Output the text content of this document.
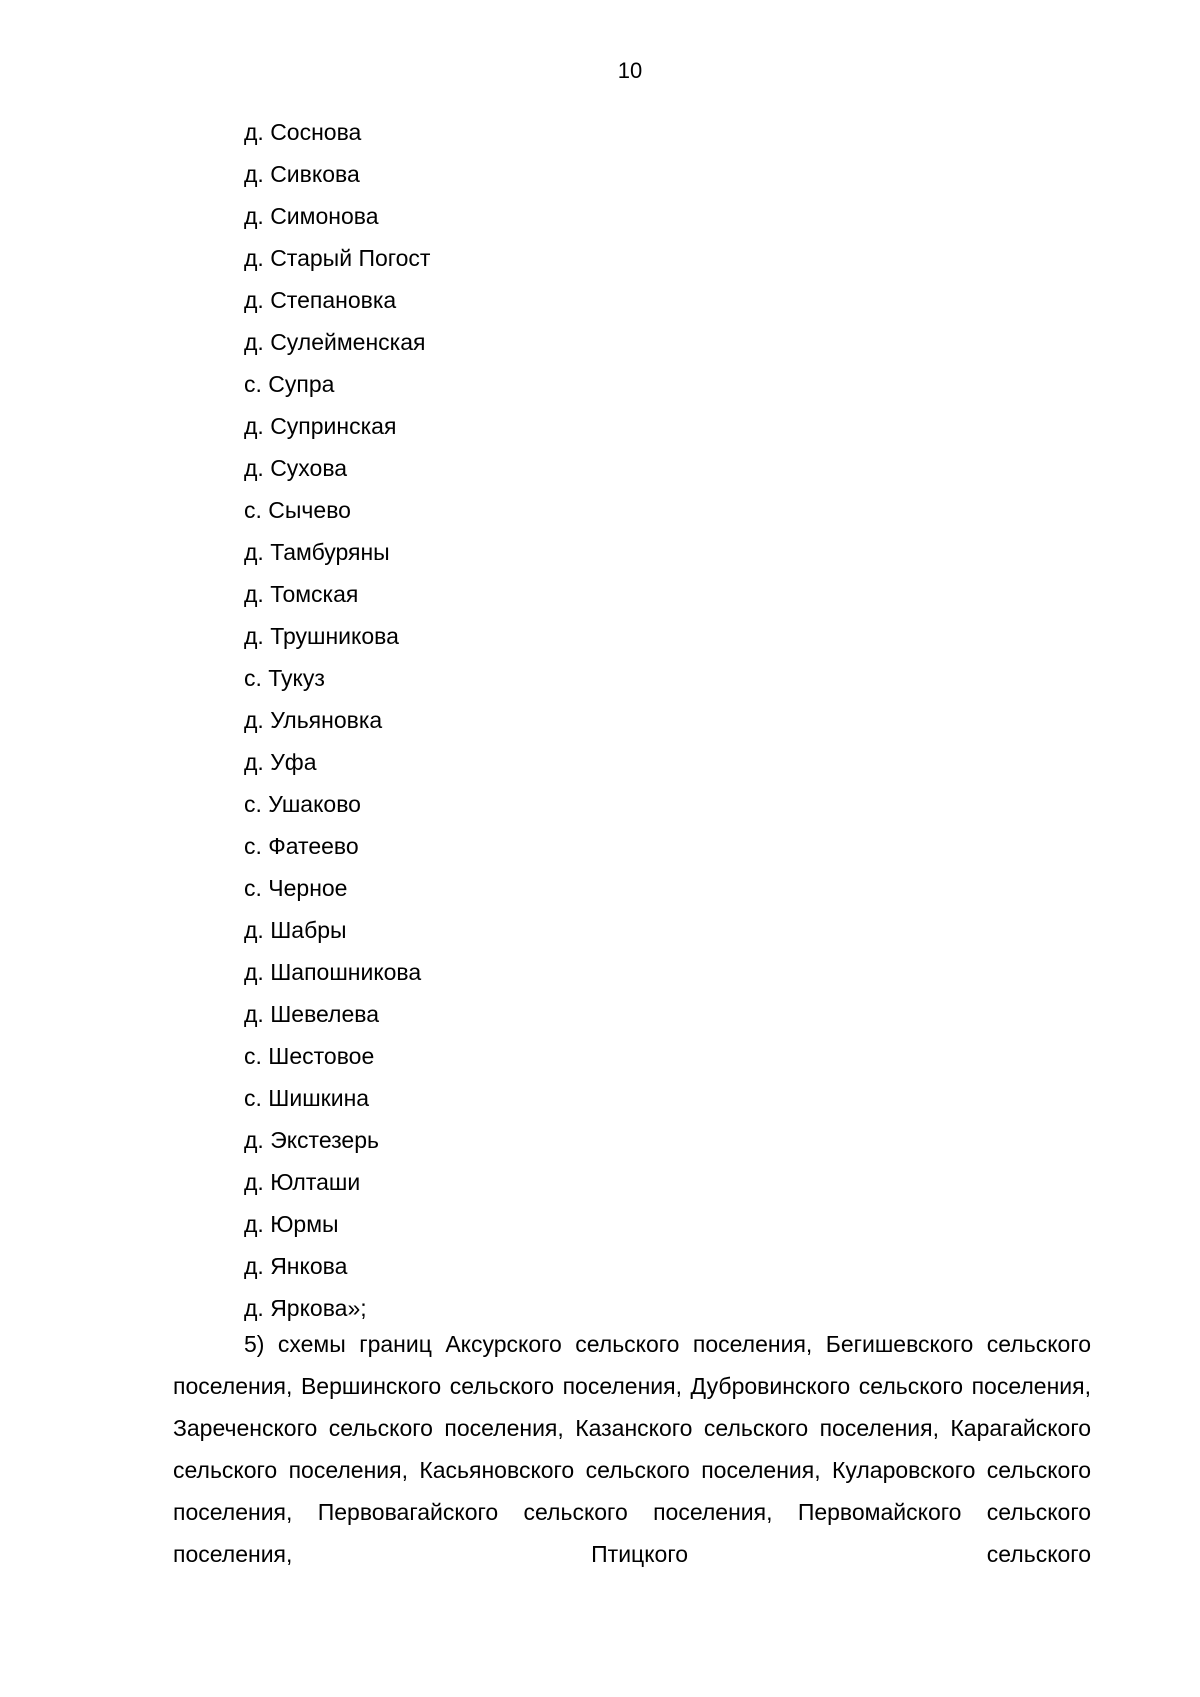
10
д. Соснова
д. Сивкова
д. Симонова
д. Старый Погост
д. Степановка
д. Сулейменская
с. Супра
д. Супринская
д. Сухова
с. Сычево
д. Тамбуряны
д. Томская
д. Трушникова
с. Тукуз
д. Ульяновка
д. Уфа
с. Ушаково
с. Фатеево
с. Черное
д. Шабры
д. Шапошникова
д. Шевелева
с. Шестовое
с. Шишкина
д. Экстезерь
д. Юлташи
д. Юрмы
д. Янкова
д. Яркова»;

5) схемы границ Аксурского сельского поселения, Бегишевского сельского поселения, Вершинского сельского поселения, Дубровинского сельского поселения, Зареченского сельского поселения, Казанского сельского поселения, Карагайского сельского поселения, Касьяновского сельского поселения, Куларовского сельского поселения, Первовагайского сельского поселения, Первомайского сельского поселения, Птицкого сельского
